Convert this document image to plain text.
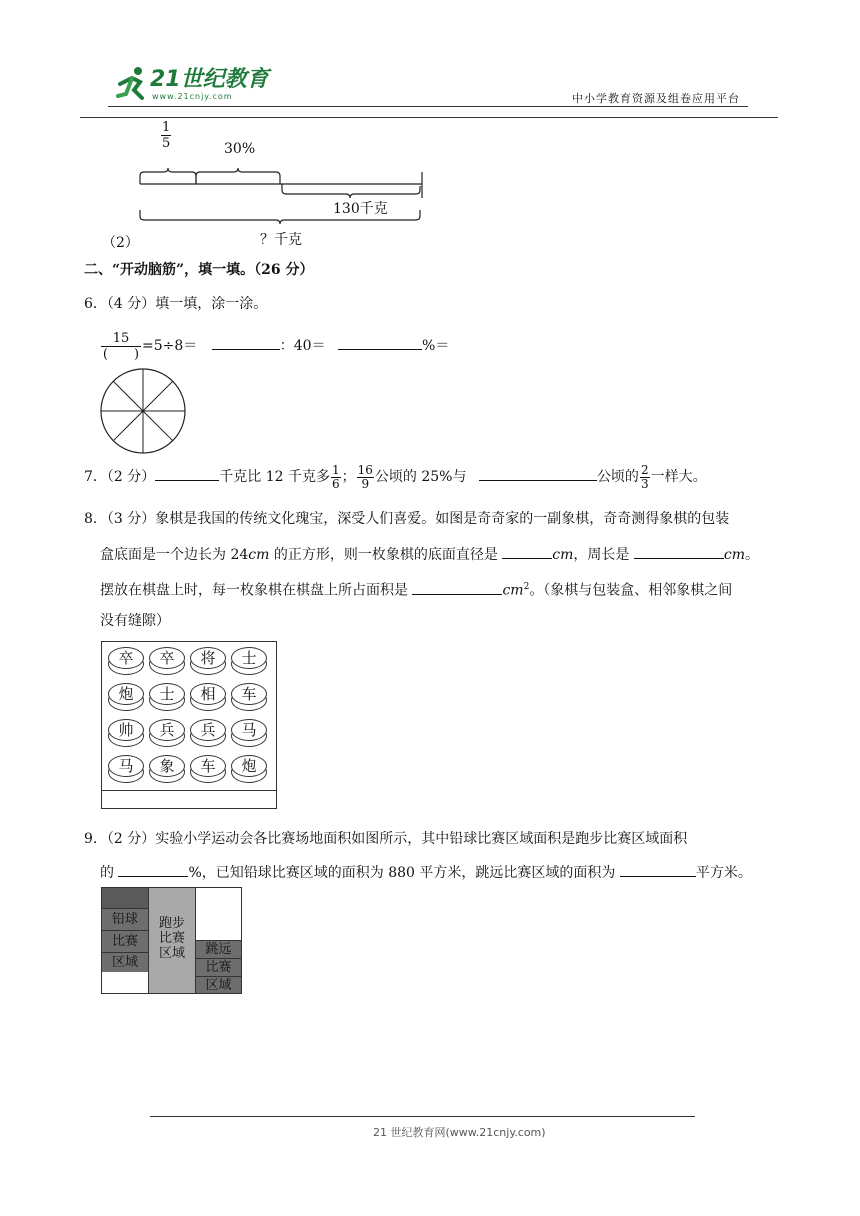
21世纪教育
www.21cnjy.com	中小学教育资源及组卷应用平台
$\frac{1}{5}$	30%
130千克
？千克
（2）
二、“开动脑筋”，填一填。（26 分）
6．（4 分）填一填，涂一涂。
$\frac{15}{( )} =5\div 8=$	：40＝	%＝
7．（2 分）	千克比 12 千克多 $\frac{1}{6}$ ； $\frac{16}{9}$ 公顷的 25%与	公顷的 $\frac{2}{3}$ 一样大。
8．（3 分）象棋是我国的传统文化瑰宝，深受人们喜爱。如图是奇奇家的一副象棋，奇奇测得象棋的包装
盒底面是一个边长为 24cm 的正方形，则一枚象棋的底面直径是	cm，周长是	cm。
摆放在棋盘上时，每一枚象棋在棋盘上所占面积是	$cm^2$。（象棋与包装盒、相邻象棋之间
没有缝隙）
卒	卒	将	士
炮	士	相	车
帅	兵	兵	马
马	象	车	炮
9．（2 分）实验小学运动会各比赛场地面积如图所示，其中铅球比赛区域面积是跑步比赛区域面积
的	%，已知铅球比赛区域的面积为 880 平方米，跳远比赛区域的面积为	平方米。
铅球
比赛
区域
跑步
比赛
区域	跳远
比赛
区域
21 世纪教育网(www.21cnjy.com)
